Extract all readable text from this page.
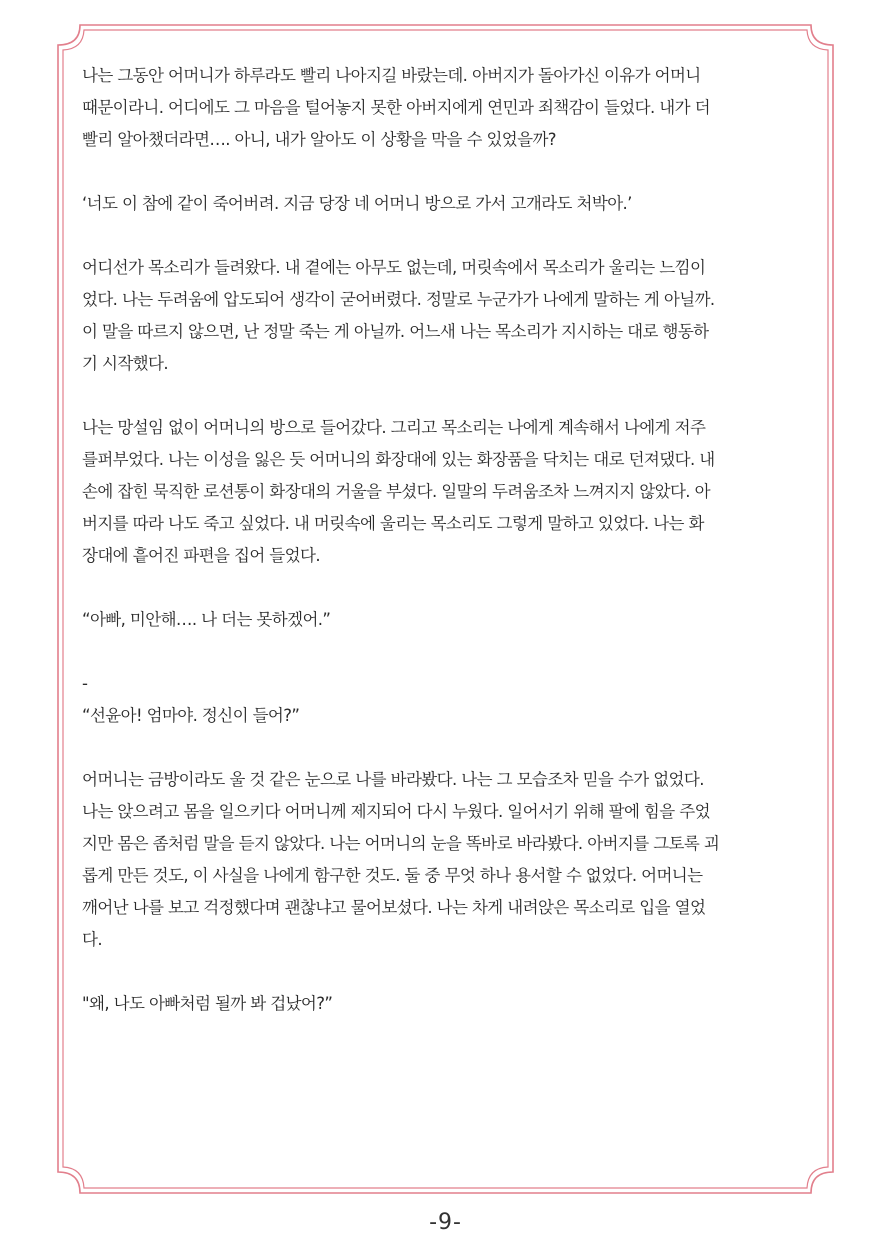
나는 그동안 어머니가 하루라도 빨리 나아지길 바랐는데. 아버지가 돌아가신 이유가 어머니
때문이라니. 어디에도 그 마음을 털어놓지 못한 아버지에게 연민과 죄책감이 들었다. 내가 더
빨리 알아챘더라면…. 아니, 내가 알아도 이 상황을 막을 수 있었을까?

‘너도 이 참에 같이 죽어버려. 지금 당장 네 어머니 방으로 가서 고개라도 처박아.’

어디선가 목소리가 들려왔다. 내 곁에는 아무도 없는데, 머릿속에서 목소리가 울리는 느낌이
었다. 나는 두려움에 압도되어 생각이 굳어버렸다. 정말로 누군가가 나에게 말하는 게 아닐까.
이 말을 따르지 않으면, 난 정말 죽는 게 아닐까. 어느새 나는 목소리가 지시하는 대로 행동하
기 시작했다.

나는 망설임 없이 어머니의 방으로 들어갔다. 그리고 목소리는 나에게 계속해서 나에게 저주
를퍼부었다. 나는 이성을 잃은 듯 어머니의 화장대에 있는 화장품을 닥치는 대로 던져댔다. 내
손에 잡힌 묵직한 로션통이 화장대의 거울을 부셨다. 일말의 두려움조차 느껴지지 않았다. 아
버지를 따라 나도 죽고 싶었다. 내 머릿속에 울리는 목소리도 그렇게 말하고 있었다. 나는 화
장대에 흩어진 파편을 집어 들었다.

“아빠, 미안해…. 나 더는 못하겠어.”

-

“선윤아! 엄마야. 정신이 들어?”

어머니는 금방이라도 울 것 같은 눈으로 나를 바라봤다. 나는 그 모습조차 믿을 수가 없었다.
나는 앉으려고 몸을 일으키다 어머니께 제지되어 다시 누웠다. 일어서기 위해 팔에 힘을 주었
지만 몸은 좀처럼 말을 듣지 않았다. 나는 어머니의 눈을 똑바로 바라봤다. 아버지를 그토록 괴
롭게 만든 것도, 이 사실을 나에게 함구한 것도. 둘 중 무엇 하나 용서할 수 없었다. 어머니는
깨어난 나를 보고 걱정했다며 괜찮냐고 물어보셨다. 나는 차게 내려앉은 목소리로 입을 열었
다.

"왜, 나도 아빠처럼 될까 봐 겁났어?”

-9-
